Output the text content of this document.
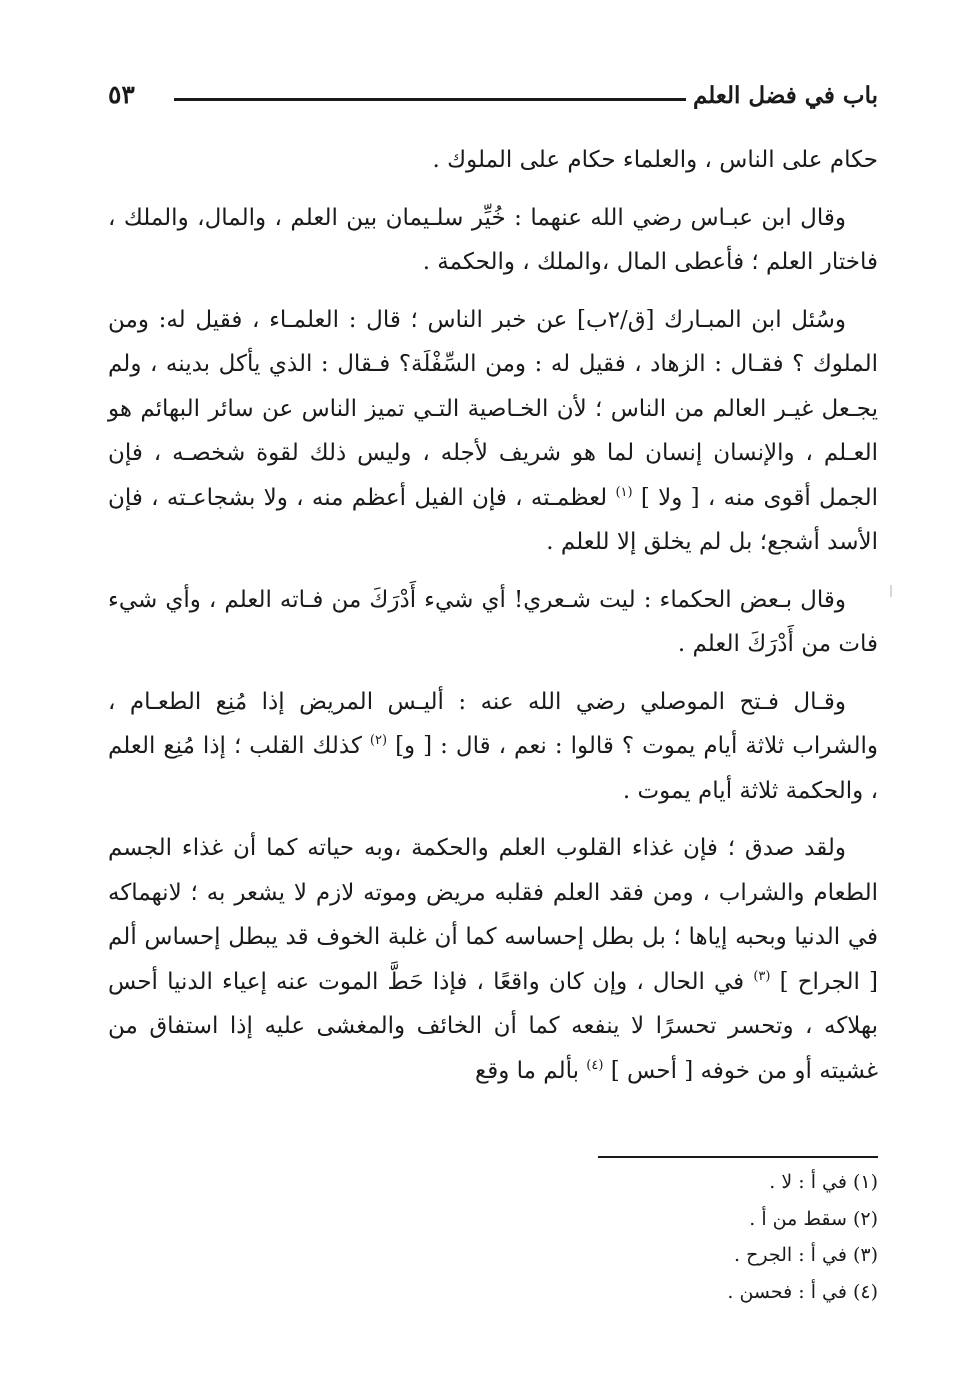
باب في فضل العلم
٥٣

حكام على الناس ، والعلماء حكام على الملوك .

وقال ابن عبـاس رضي الله عنهما : خُيِّر سلـيمان بين العلم ، والمال، والملك ، فاختار العلم ؛ فأعطى المال ،والملك ، والحكمة .

وسُئل ابن المبـارك [ق/٢ب] عن خبر الناس ؛ قال : العلمـاء ، فقيل له: ومن الملوك ؟ فقـال : الزهاد ، فقيل له : ومن السِّفْلَة؟ فـقال : الذي يأكل بدينه ، ولم يجـعل غيـر العالم من الناس ؛ لأن الخـاصية التـي تميز الناس عن سائر البهائم هو العـلم ، والإنسان إنسان لما هو شريف لأجله ، وليس ذلك لقوة شخصـه ، فإن الجمل أقوى منه ، [ ولا ] $^{(١)}$ لعظمـته ، فإن الفيل أعظم منه ، ولا بشجاعـته ، فإن الأسد أشجع؛ بل لم يخلق إلا للعلم .

وقال بـعض الحكماء : ليت شـعري! أي شيء أَدْرَكَ من فـاته العلم ، وأي شيء فات من أَدْرَكَ العلم .

وقـال فـتح الموصلي رضي الله عنه : أليـس المريض إذا مُنِع الطعـام ، والشراب ثلاثة أيام يموت ؟ قالوا : نعم ، قال : [ و] $^{(٢)}$ كذلك القلب ؛ إذا مُنِع العلم ، والحكمة ثلاثة أيام يموت .

ولقد صدق ؛ فإن غذاء القلوب العلم والحكمة ،وبه حياته كما أن غذاء الجسم الطعام والشراب ، ومن فقد العلم فقلبه مريض وموته لازم لا يشعر به ؛ لانهماكه في الدنيا وبحبه إياها ؛ بل بطل إحساسه كما أن غلبة الخوف قد يبطل إحساس ألم [ الجراح ] $^{(٣)}$ في الحال ، وإن كان واقعًا ، فإذا حَطَّ الموت عنه إعياء الدنيا أحس بهلاكه ، وتحسر تحسرًا لا ينفعه كما أن الخائف والمغشى عليه إذا استفاق من غشيته أو من خوفه [ أحس ] $^{(٤)}$ بألم ما وقع

(١)في أ : لا .
(٢)سقط من أ .
(٣)في أ : الجرح .
(٤)في أ : فحسن .
